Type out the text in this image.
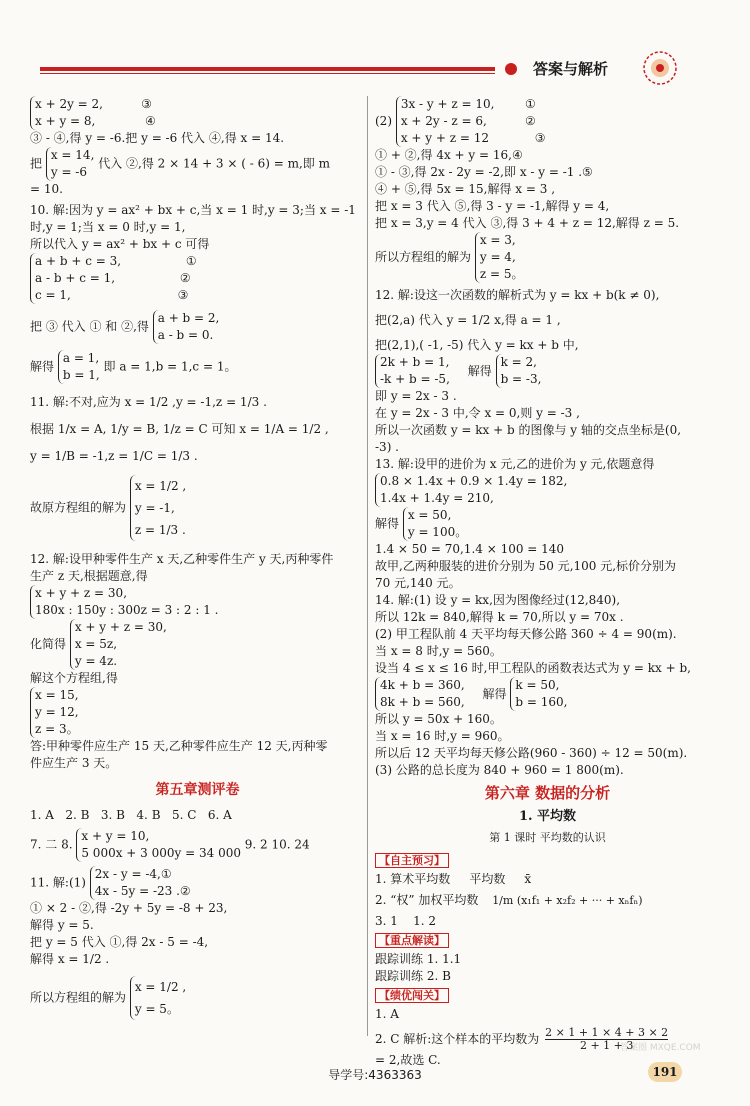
答案与解析
x + 2y = 2,          ③
x + y = 8,             ④
③ - ④,得 y = -6.把 y = -6 代入 ④,得 x = 14.
把
x = 14,
y = -6
代入 ②,得 2 × 14 + 3 × ( - 6) = m,即 m
= 10.
10. 解:因为 y = ax² + bx + c,当 x = 1 时,y = 3;当 x = -1
时,y = 1;当 x = 0 时,y = 1,
所以代入 y = ax² + bx + c 可得
a + b + c = 3,                 ①
a - b + c = 1,                 ②
c = 1,                            ③
把 ③ 代入 ① 和 ②,得
a + b = 2,
a - b = 0.
解得
a = 1,
b = 1,
即 a = 1,b = 1,c = 1。
11. 解:不对,应为 x = 1/2 ,y = -1,z = 1/3 .
根据 1/x = A, 1/y = B, 1/z = C 可知 x = 1/A = 1/2 ,
y = 1/B = -1,z = 1/C = 1/3 .
故原方程组的解为
x = 1/2 ,
y = -1,
z = 1/3 .
12. 解:设甲种零件生产 x 天,乙种零件生产 y 天,丙种零件
生产 z 天,根据题意,得
x + y + z = 30,
180x : 150y : 300z = 3 : 2 : 1 .
化简得
x + y + z = 30,
x = 5z,
y = 4z.
解这个方程组,得
x = 15,
y = 12,
z = 3。
答:甲种零件应生产 15 天,乙种零件应生产 12 天,丙种零
件应生产 3 天。
第五章测评卷
1. A   2. B   3. B   4. B   5. C   6. A
7. 二 8.
x + y = 10,
5 000x + 3 000y = 34 000
9. 2 10. 24
11. 解:(1)
2x - y = -4,①
4x - 5y = -23 .②
① × 2 - ②,得 -2y + 5y = -8 + 23,
解得 y = 5.
把 y = 5 代入 ①,得 2x - 5 = -4,
解得 x = 1/2 .
所以方程组的解为
x = 1/2 ,
y = 5。
(2)
3x - y + z = 10,        ①
x + 2y - z = 6,          ②
x + y + z = 12            ③
① + ②,得 4x + y = 16,④
① - ③,得 2x - 2y = -2,即 x - y = -1 .⑤
④ + ⑤,得 5x = 15,解得 x = 3 ,
把 x = 3 代入 ⑤,得 3 - y = -1,解得 y = 4,
把 x = 3,y = 4 代入 ③,得 3 + 4 + z = 12,解得 z = 5.
所以方程组的解为
x = 3,
y = 4,
z = 5。
12. 解:设这一次函数的解析式为 y = kx + b(k ≠ 0),
把(2,a) 代入 y = 1/2 x,得 a = 1 ,
把(2,1),( -1, -5) 代入 y = kx + b 中,
2k + b = 1,
-k + b = -5,
解得
k = 2,
b = -3,
即 y = 2x - 3 .
在 y = 2x - 3 中,令 x = 0,则 y = -3 ,
所以一次函数 y = kx + b 的图像与 y 轴的交点坐标是(0,
-3) .
13. 解:设甲的进价为 x 元,乙的进价为 y 元,依题意得
0.8 × 1.4x + 0.9 × 1.4y = 182,
1.4x + 1.4y = 210,
解得
x = 50,
y = 100。
1.4 × 50 = 70,1.4 × 100 = 140
故甲,乙两种服装的进价分别为 50 元,100 元,标价分别为
70 元,140 元。
14. 解:(1) 设 y = kx,因为图像经过(12,840),
所以 12k = 840,解得 k = 70,所以 y = 70x .
(2) 甲工程队前 4 天平均每天修公路 360 ÷ 4 = 90(m).
当 x = 8 时,y = 560。
设当 4 ≤ x ≤ 16 时,甲工程队的函数表达式为 y = kx + b,
4k + b = 360,
8k + b = 560,
解得
k = 50,
b = 160,
所以 y = 50x + 160。
当 x = 16 时,y = 960。
所以后 12 天平均每天修公路(960 - 360) ÷ 12 = 50(m).
(3) 公路的总长度为 840 + 960 = 1 800(m).
第六章 数据的分析
1. 平均数
第 1 课时 平均数的认识
【自主预习】
1. 算术平均数     平均数     x̄
2. “权” 加权平均数 1/m (x₁f₁ + x₂f₂ + ··· + xₙfₙ)
3. 1    1. 2
【重点解读】
跟踪训练 1. 1.1
跟踪训练 2. B
【绩优闯关】
1. A
2. C 解析:这个样本的平均数为 $\frac{2 \times 1 + 1 \times 4 + 3 \times 2}{2 + 1 + 3}$
= 2,故选 C.
导学号:4363363	191
答案圈 MXQE.COM
